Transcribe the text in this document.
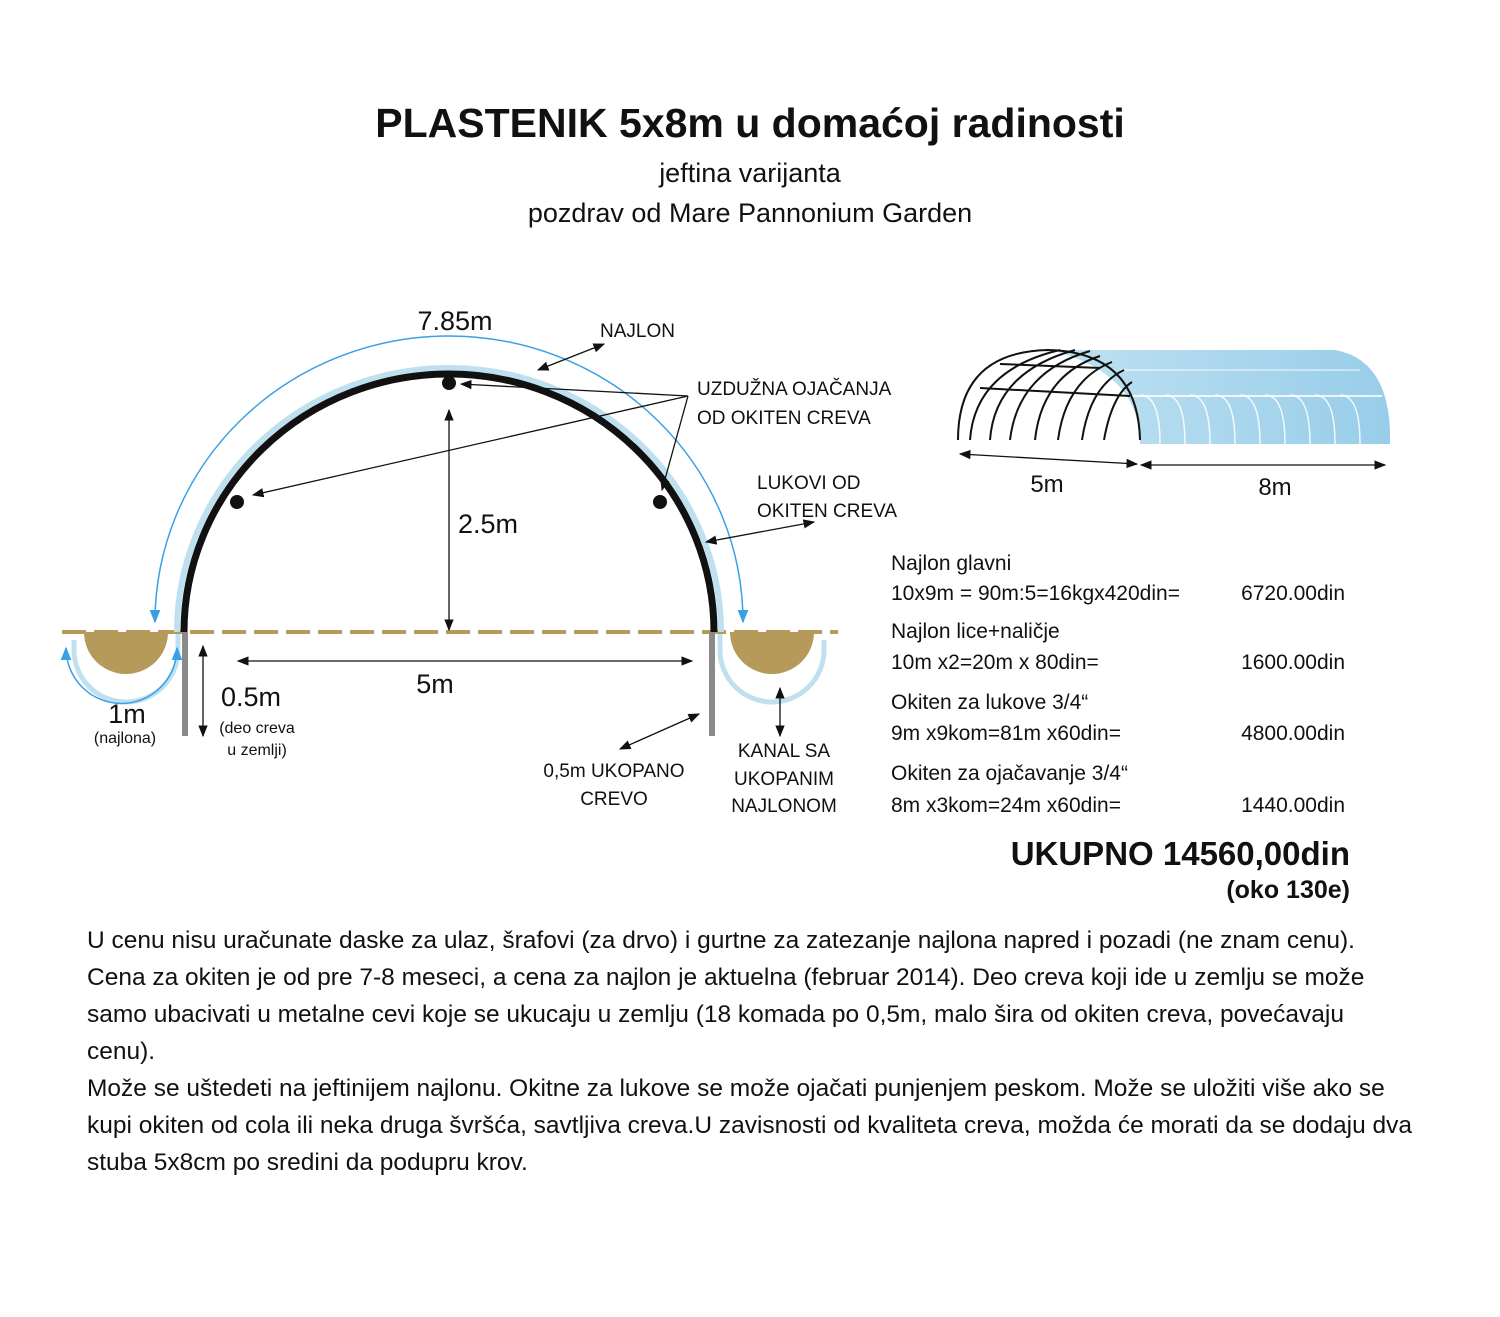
PLASTENIK 5x8m u domaćoj radinosti
jeftina varijanta
pozdrav od Mare Pannonium Garden
7.85m	NAJLON
UZDUŽNA OJAČANJA
OD OKITEN CREVA
2.5m
LUKOVI OD
OKITEN CREVA
5m
0.5m
(deo creva
u zemlji)
1m
(najlona)
0,5m UKOPANO
CREVO
KANAL SA
UKOPANIM
NAJLONOM
5m	8m
Najlon glavni
10x9m = 90m:5=16kgx420din=	6720.00din
Najlon lice+naličje
10m x2=20m x 80din=	1600.00din
Okiten za lukove 3/4“
9m x9kom=81m x60din=	4800.00din
Okiten za ojačavanje 3/4“
8m x3kom=24m x60din=	1440.00din
UKUPNO 14560,00din
(oko 130e)
U cenu nisu uračunate daske za ulaz, šrafovi (za drvo) i gurtne za zatezanje najlona napred i pozadi (ne znam cenu). Cena za okiten je od pre 7-8 meseci, a cena za najlon je aktuelna (februar 2014). Deo creva koji ide u zemlju se može samo ubacivati u metalne cevi koje se ukucaju u zemlju (18 komada po 0,5m, malo šira od okiten creva, povećavaju cenu).
Može se uštedeti na jeftinijem najlonu. Okitne za lukove se može ojačati punjenjem peskom. Može se uložiti više ako se kupi okiten od cola ili neka druga švršća, savtljiva creva.U zavisnosti od kvaliteta creva, možda će morati da se dodaju dva stuba 5x8cm po sredini da podupru krov.
